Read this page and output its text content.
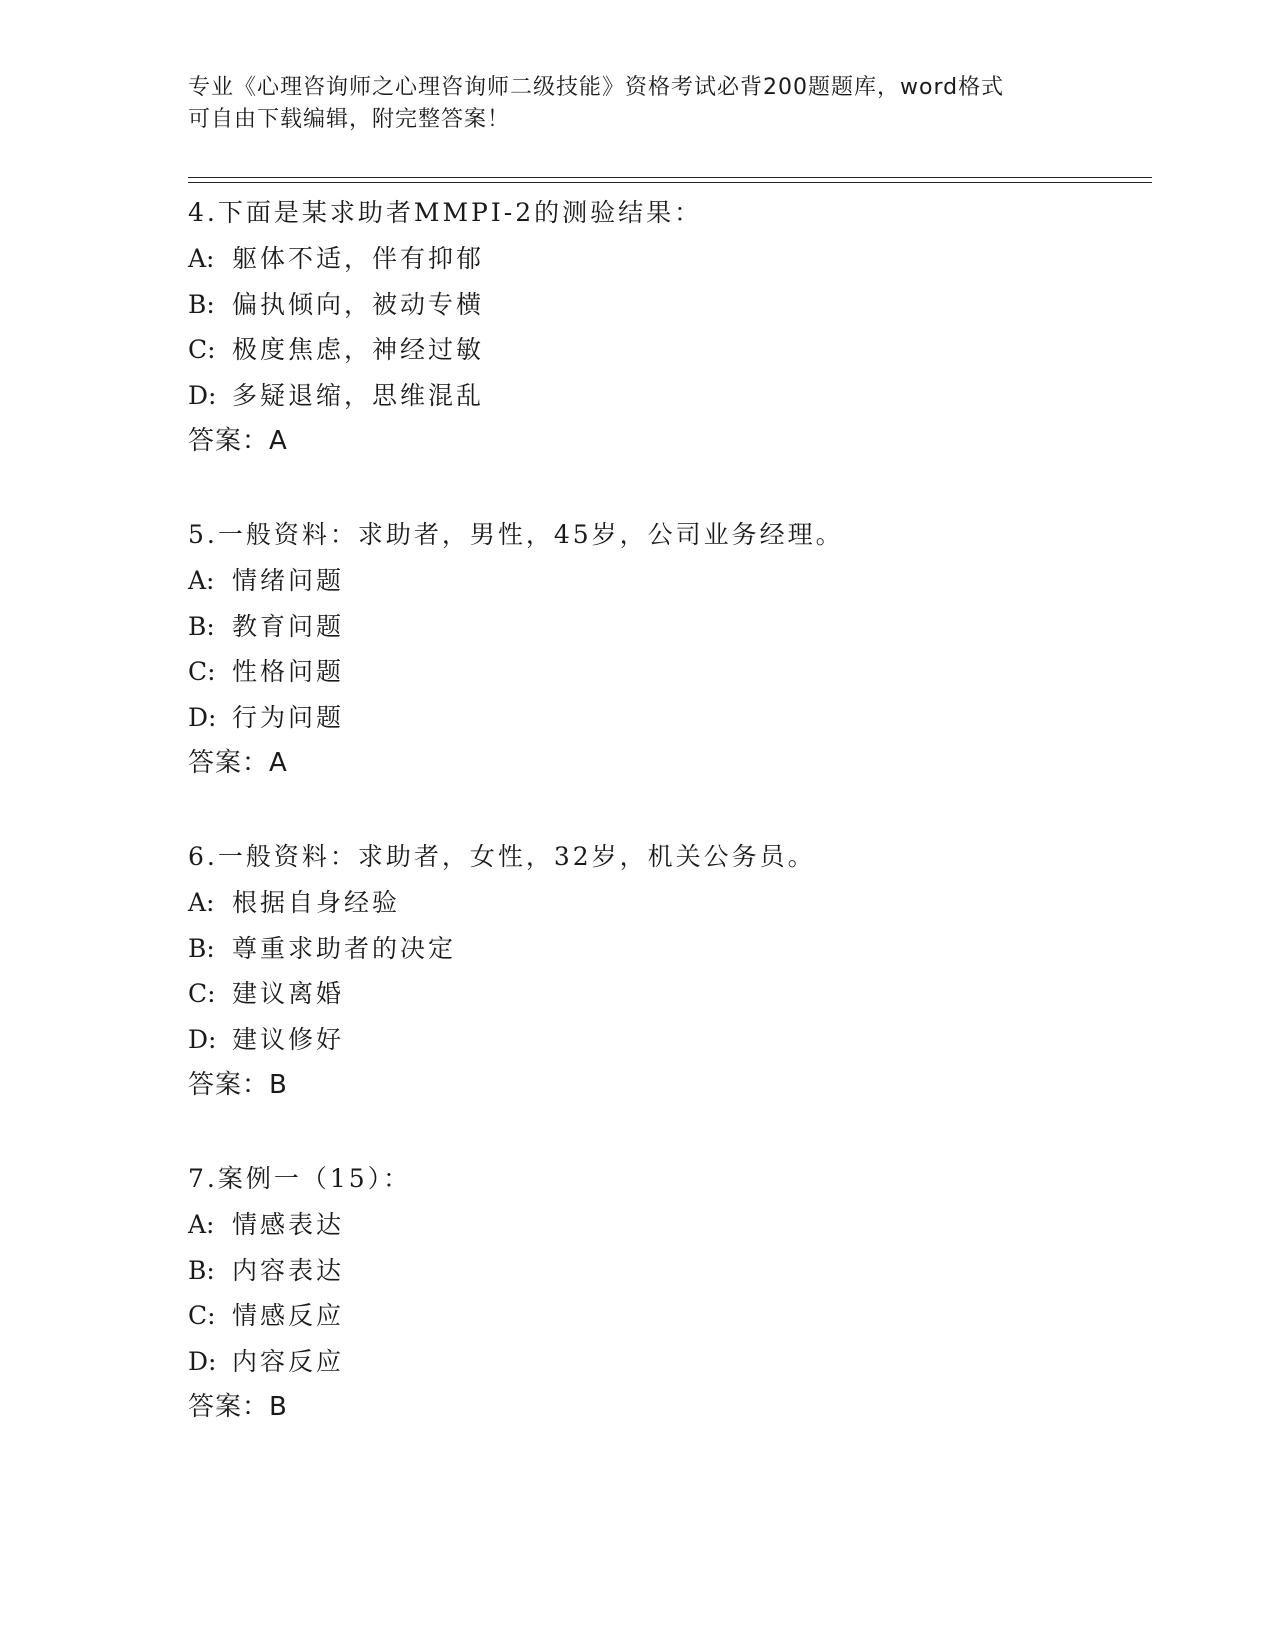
专业《心理咨询师之心理咨询师二级技能》资格考试必背200题题库，word格式
可自由下载编辑，附完整答案！
4.下面是某求助者MMPI-2的测验结果：
A: 躯体不适，伴有抑郁
B: 偏执倾向，被动专横
C: 极度焦虑，神经过敏
D: 多疑退缩，思维混乱
答案：A
5.一般资料：求助者，男性，45岁，公司业务经理。
A: 情绪问题
B: 教育问题
C: 性格问题
D: 行为问题
答案：A
6.一般资料：求助者，女性，32岁，机关公务员。
A: 根据自身经验
B: 尊重求助者的决定
C: 建议离婚
D: 建议修好
答案：B
7.案例一（15）：
A: 情感表达
B: 内容表达
C: 情感反应
D: 内容反应
答案：B
